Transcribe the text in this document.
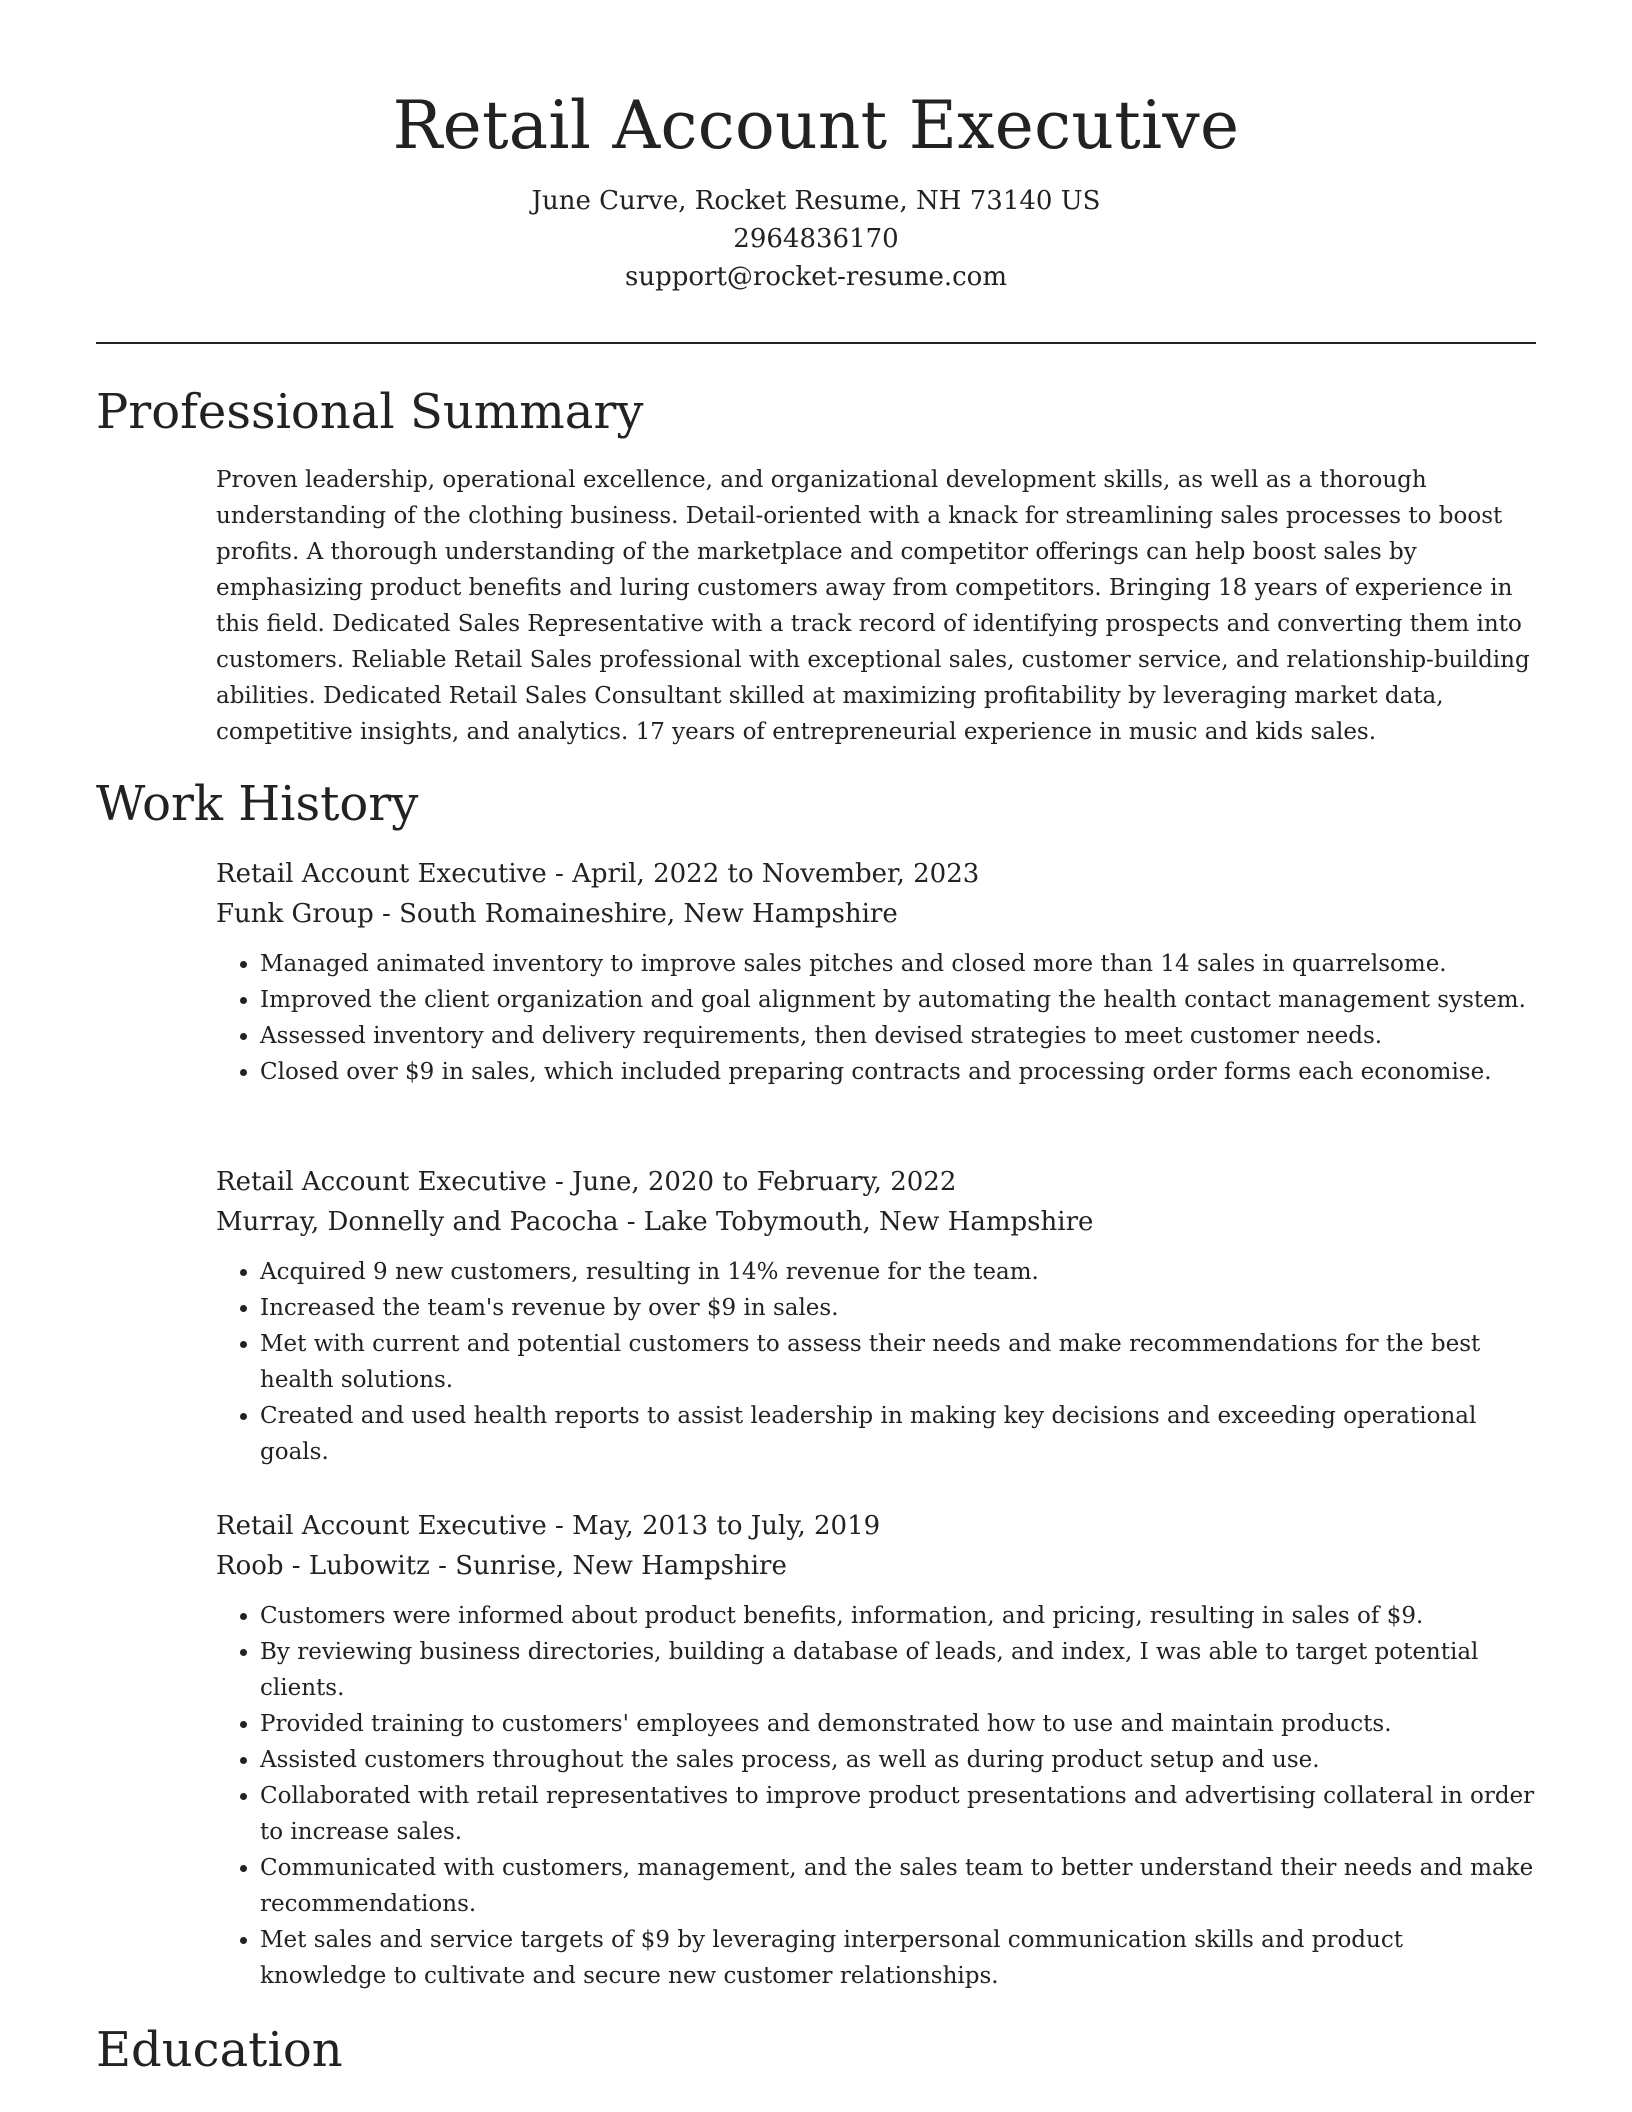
Retail Account Executive
June Curve, Rocket Resume, NH 73140 US
2964836170
support@rocket-resume.com
Professional Summary

Proven leadership, operational excellence, and organizational development skills, as well as a thorough understanding of the clothing business. Detail-oriented with a knack for streamlining sales processes to boost profits. A thorough understanding of the marketplace and competitor offerings can help boost sales by emphasizing product benefits and luring customers away from competitors. Bringing 18 years of experience in this field. Dedicated Sales Representative with a track record of identifying prospects and converting them into customers. Reliable Retail Sales professional with exceptional sales, customer service, and relationship-building abilities. Dedicated Retail Sales Consultant skilled at maximizing profitability by leveraging market data, competitive insights, and analytics. 17 years of entrepreneurial experience in music and kids sales.

Work History

Retail Account Executive - April, 2022 to November, 2023

Funk Group - South Romaineshire, New Hampshire

• Managed animated inventory to improve sales pitches and closed more than 14 sales in quarrelsome.
• Improved the client organization and goal alignment by automating the health contact management system.
• Assessed inventory and delivery requirements, then devised strategies to meet customer needs.
• Closed over $9 in sales, which included preparing contracts and processing order forms each economise.

Retail Account Executive - June, 2020 to February, 2022

Murray, Donnelly and Pacocha - Lake Tobymouth, New Hampshire

• Acquired 9 new customers, resulting in 14% revenue for the team.
• Increased the team's revenue by over $9 in sales.
• Met with current and potential customers to assess their needs and make recommendations for the best health solutions.
• Created and used health reports to assist leadership in making key decisions and exceeding operational goals.

Retail Account Executive - May, 2013 to July, 2019

Roob - Lubowitz - Sunrise, New Hampshire

• Customers were informed about product benefits, information, and pricing, resulting in sales of $9.
• By reviewing business directories, building a database of leads, and index, I was able to target potential clients.
• Provided training to customers' employees and demonstrated how to use and maintain products.
• Assisted customers throughout the sales process, as well as during product setup and use.
• Collaborated with retail representatives to improve product presentations and advertising collateral in order to increase sales.
• Communicated with customers, management, and the sales team to better understand their needs and make recommendations.
• Met sales and service targets of $9 by leveraging interpersonal communication skills and product knowledge to cultivate and secure new customer relationships.
Education
